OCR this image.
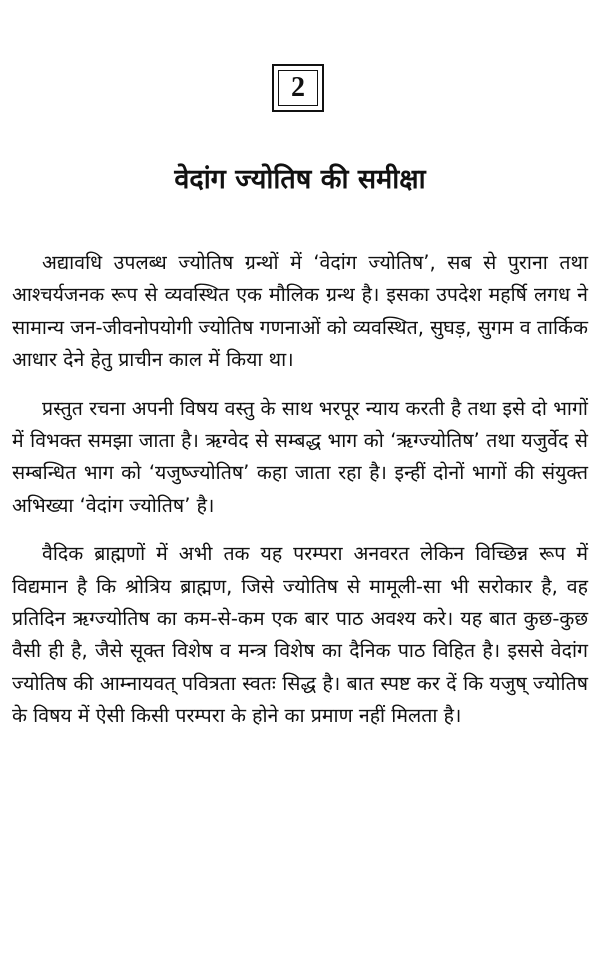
2
वेदांग ज्योतिष की समीक्षा

अद्यावधि उपलब्ध ज्योतिष ग्रन्थों में ‘वेदांग ज्योतिष’, सब से पुराना तथा आश्चर्यजनक रूप से व्यवस्थित एक मौलिक ग्रन्थ है। इसका उपदेश महर्षि लगध ने सामान्य जन-जीवनोपयोगी ज्योतिष गणनाओं को व्यवस्थित, सुघड़, सुगम व तार्किक आधार देने हेतु प्राचीन काल में किया था।

प्रस्तुत रचना अपनी विषय वस्तु के साथ भरपूर न्याय करती है तथा इसे दो भागों में विभक्त समझा जाता है। ऋग्वेद से सम्बद्ध भाग को ‘ऋग्ज्योतिष’ तथा यजुर्वेद से सम्बन्धित भाग को ‘यजुष्ज्योतिष’ कहा जाता रहा है। इन्हीं दोनों भागों की संयुक्त अभिख्या ‘वेदांग ज्योतिष’ है।

वैदिक ब्राह्मणों में अभी तक यह परम्परा अनवरत लेकिन विच्छिन्न रूप में विद्यमान है कि श्रोत्रिय ब्राह्मण, जिसे ज्योतिष से मामूली-सा भी सरोकार है, वह प्रतिदिन ऋग्ज्योतिष का कम-से-कम एक बार पाठ अवश्य करे। यह बात कुछ-कुछ वैसी ही है, जैसे सूक्त विशेष व मन्त्र विशेष का दैनिक पाठ विहित है। इससे वेदांग ज्योतिष की आम्नायवत् पवित्रता स्वतः सिद्ध है। बात स्पष्ट कर दें कि यजुष् ज्योतिष के विषय में ऐसी किसी परम्परा के होने का प्रमाण नहीं मिलता है।
